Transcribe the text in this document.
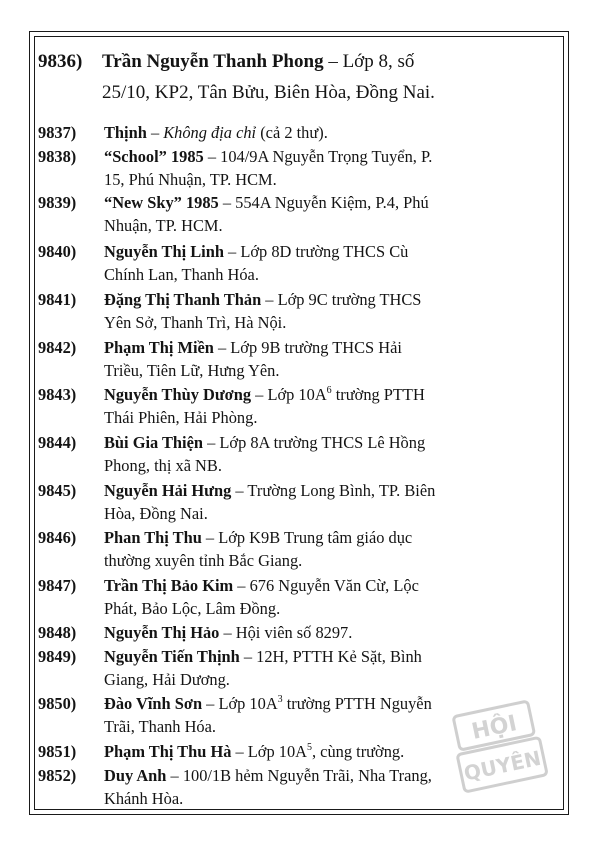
9836) Trần Nguyễn Thanh Phong – Lớp 8, số
25/10, KP2, Tân Bửu, Biên Hòa, Đồng Nai.

9837) Thịnh – Không địa chỉ (cả 2 thư).

9838) “School” 1985 – 104/9A Nguyễn Trọng Tuyển, P.
15, Phú Nhuận, TP. HCM.

9839) “New Sky” 1985 – 554A Nguyễn Kiệm, P.4, Phú
Nhuận, TP. HCM.

9840) Nguyễn Thị Linh – Lớp 8D trường THCS Cù
Chính Lan, Thanh Hóa.

9841) Đặng Thị Thanh Thản – Lớp 9C trường THCS
Yên Sở, Thanh Trì, Hà Nội.

9842) Phạm Thị Miền – Lớp 9B trường THCS Hải
Triều, Tiên Lữ, Hưng Yên.

9843) Nguyễn Thùy Dương – Lớp $10A^6$ trường PTTH
Thái Phiên, Hải Phòng.

9844) Bùi Gia Thiện – Lớp 8A trường THCS Lê Hồng
Phong, thị xã NB.

9845) Nguyễn Hải Hưng – Trường Long Bình, TP. Biên
Hòa, Đồng Nai.

9846) Phan Thị Thu – Lớp K9B Trung tâm giáo dục
thường xuyên tỉnh Bắc Giang.

9847) Trần Thị Bảo Kim – 676 Nguyễn Văn Cừ, Lộc
Phát, Bảo Lộc, Lâm Đồng.

9848) Nguyễn Thị Hảo – Hội viên số 8297.

9849) Nguyễn Tiến Thịnh – 12H, PTTH Kẻ Sặt, Bình
Giang, Hải Dương.

9850) Đào Vĩnh Sơn – Lớp $10A^3$ trường PTTH Nguyễn
Trãi, Thanh Hóa.

9851) Phạm Thị Thu Hà – Lớp $10A^5$, cùng trường.

9852) Duy Anh – 100/1B hẻm Nguyễn Trãi, Nha Trang,
Khánh Hòa.

HỘI
QUYÊN
